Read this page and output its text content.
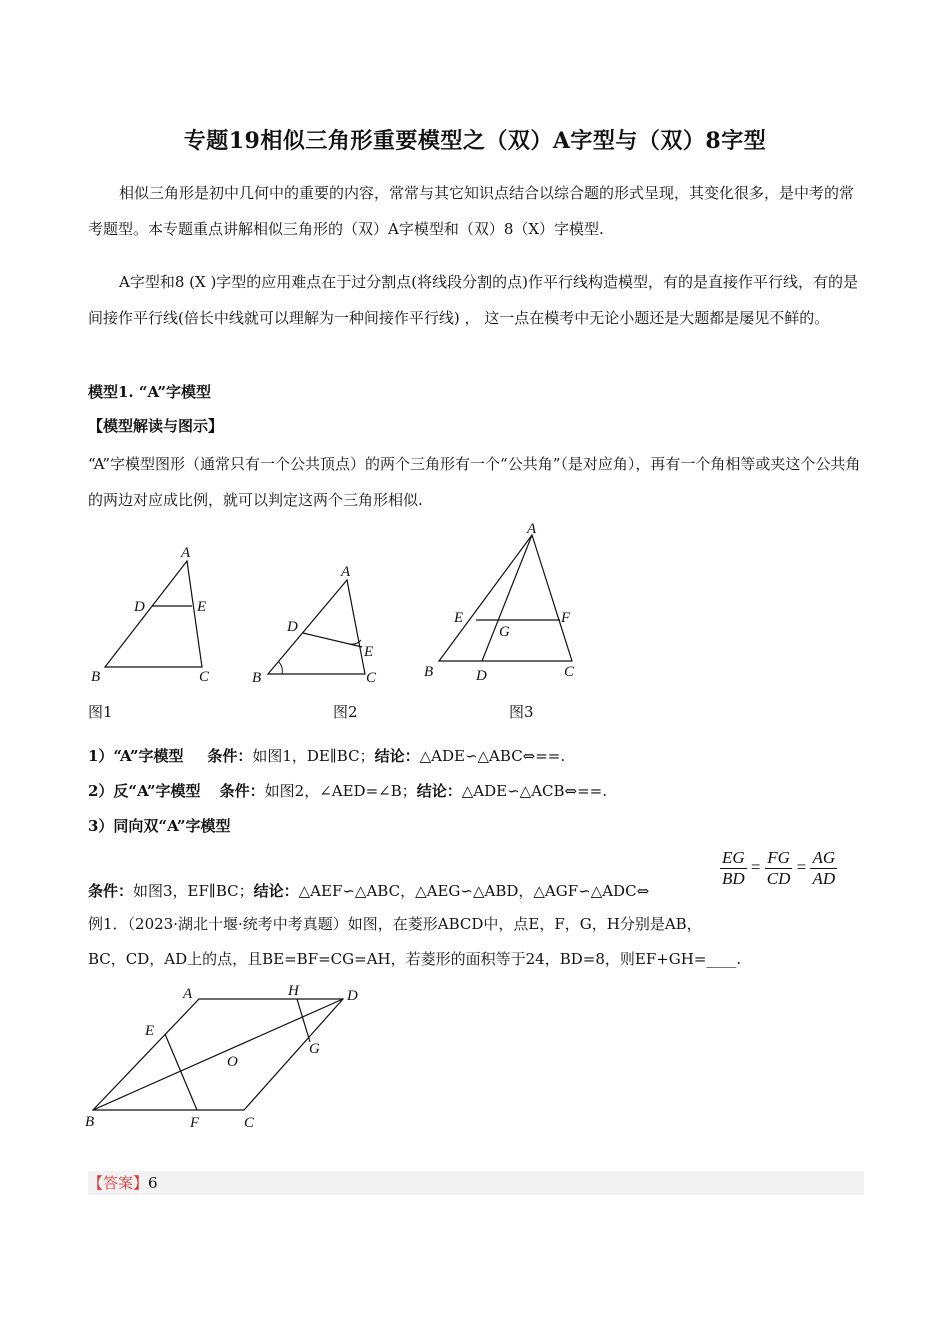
专题19相似三角形重要模型之（双）A字型与（双）8字型
相似三角形是初中几何中的重要的内容，常常与其它知识点结合以综合题的形式呈现，其变化很多，是中考的常考题型。本专题重点讲解相似三角形的（双）A字模型和（双）8（X）字模型.
A字型和8 (X )字型的应用难点在于过分割点(将线段分割的点)作平行线构造模型，有的是直接作平行线，有的是间接作平行线(倍长中线就可以理解为一种间接作平行线) ， 这一点在模考中无论小题还是大题都是屡见不鲜的。
模型1. “A”字模型
【模型解读与图示】
“A”字模型图形（通常只有一个公共顶点）的两个三角形有一个“公共角”（是对应角），再有一个角相等或夹这个公共角的两边对应成比例，就可以判定这两个三角形相似.
A
D	E
B	C
A
D
E
B	C
A
E	F
G
B	D	C
图1	图2	图3
1）“A”字模型 条件：如图1，DE∥BC；结论：△ADE∽△ABC⇔==.
2）反“A”字模型 条件：如图2，∠AED=∠B；结论：△ADE∽△ACB⇔==.
3）同向双“A”字模型
条件：如图3，EF∥BC；结论：△AEF∽△ABC，△AEG∽△ABD，△AGF∽△ADC⇔
$\frac{EG}{BD} = \frac{FG}{CD} = \frac{AG}{AD}$
例1．（2023·湖北十堰·统考中考真题）如图，在菱形ABCD中，点E，F，G，H分别是AB，
BC，CD，AD上的点，且BE=BF=CG=AH，若菱形的面积等于24，BD=8，则EF+GH=____.
A	H	D
E
G
O
B	F	C
【答案】6
